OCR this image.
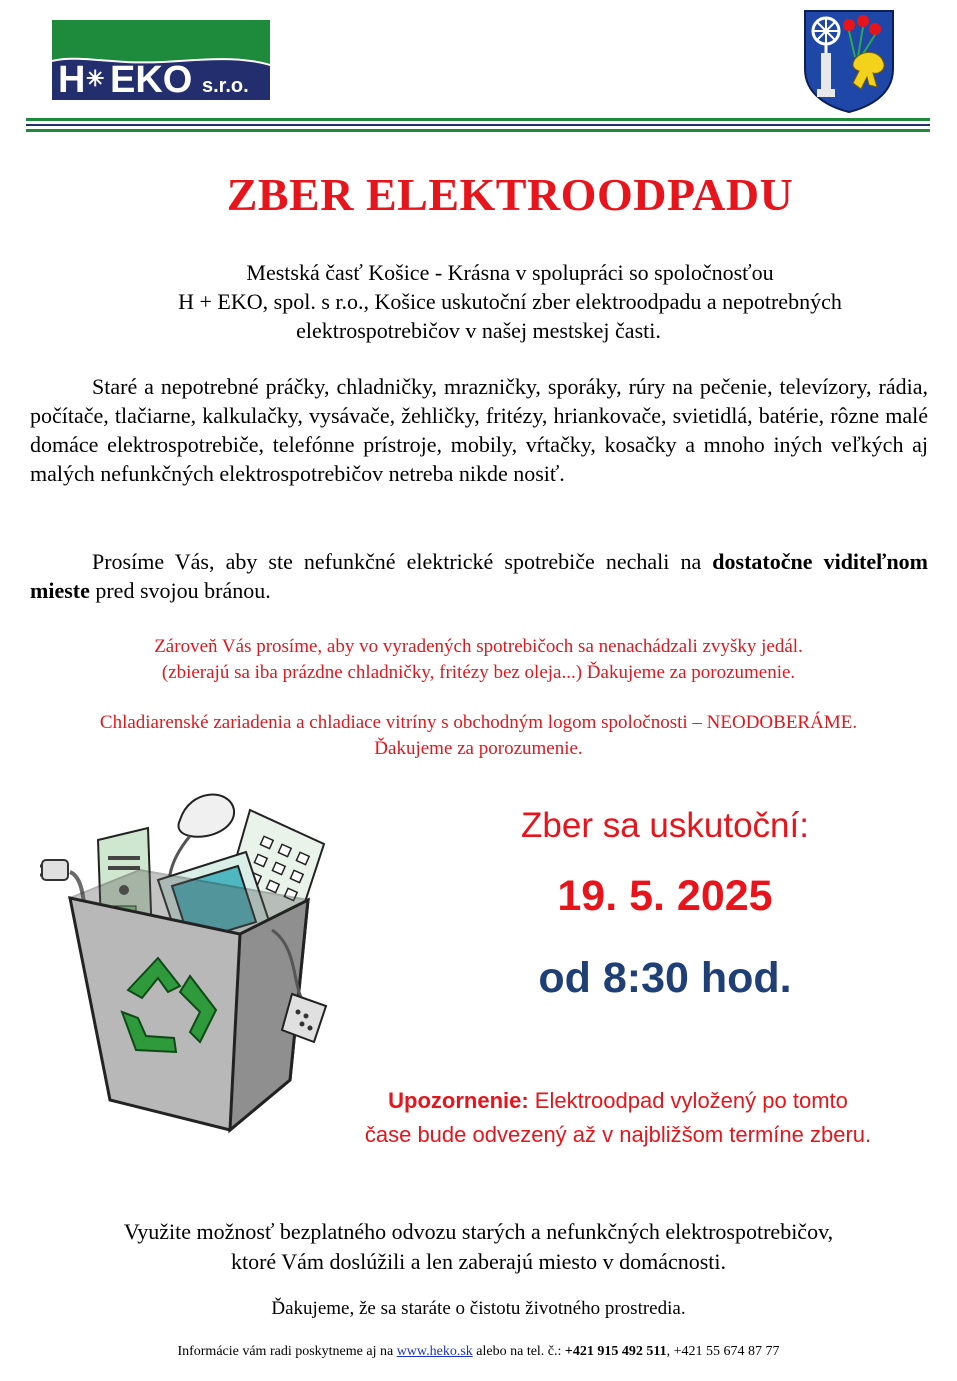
H ✳ EKO s.r.o.
ZBER ELEKTROODPADU
Mestská časť Košice - Krásna v spolupráci so spoločnosťou
H + EKO, spol. s r.o., Košice uskutoční zber elektroodpadu a nepotrebných
elektrospotrebičov v našej mestskej časti.
Staré a nepotrebné práčky, chladničky, mrazničky, sporáky, rúry na pečenie, televízory, rádia, počítače, tlačiarne, kalkulačky, vysávače, žehličky, fritézy, hriankovače, svietidlá, batérie, rôzne malé domáce elektrospotrebiče, telefónne prístroje, mobily, vŕtačky, kosačky a mnoho iných veľkých aj malých nefunkčných elektrospotrebičov netreba nikde nosiť.
Prosíme Vás, aby ste nefunkčné elektrické spotrebiče nechali na dostatočne viditeľnom mieste pred svojou bránou.
Zároveň Vás prosíme, aby vo vyradených spotrebičoch sa nenachádzali zvyšky jedál.
(zbierajú sa iba prázdne chladničky, fritézy bez oleja...) Ďakujeme za porozumenie.
Chladiarenské zariadenia a chladiace vitríny s obchodným logom spoločnosti – NEODOBERÁME.
Ďakujeme za porozumenie.
Zber sa uskutoční:
19. 5. 2025
od 8:30 hod.
Upozornenie: Elektroodpad vyložený po tomto
čase bude odvezený až v najbližšom termíne zberu.
Využite možnosť bezplatného odvozu starých a nefunkčných elektrospotrebičov,
ktoré Vám doslúžili a len zaberajú miesto v domácnosti.
Ďakujeme, že sa staráte o čistotu životného prostredia.
Informácie vám radi poskytneme aj na www.heko.sk alebo na tel. č.: +421 915 492 511, +421 55 674 87 77
